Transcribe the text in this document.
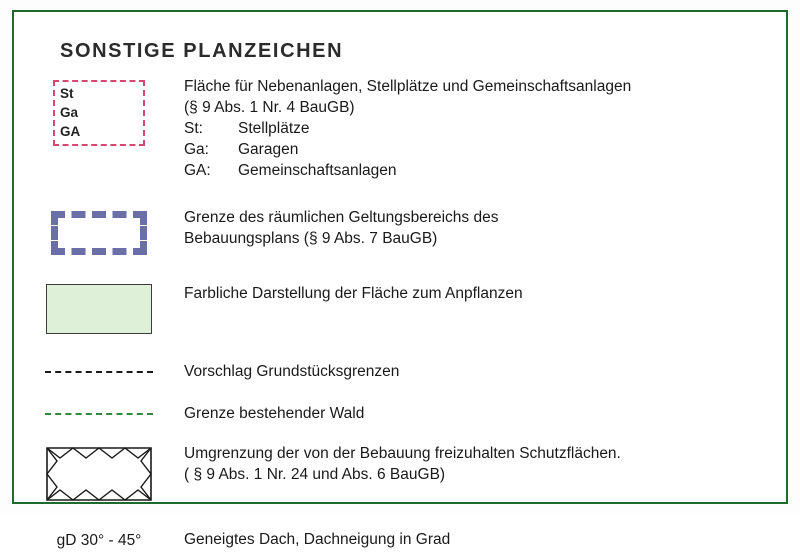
SONSTIGE PLANZEICHEN
St
Ga
GA
Fläche für Nebenanlagen, Stellplätze und Gemeinschaftsanlagen
(§ 9 Abs. 1 Nr. 4 BauGB)
St: Stellplätze
Ga: Garagen
GA: Gemeinschaftsanlagen
Grenze des räumlichen Geltungsbereichs des
Bebauungsplans (§ 9 Abs. 7 BauGB)
Farbliche Darstellung der Fläche zum Anpflanzen
Vorschlag Grundstücksgrenzen
Grenze bestehender Wald
Umgrenzung der von der Bebauung freizuhalten Schutzflächen.
( § 9 Abs. 1 Nr. 24 und Abs. 6 BauGB)
gD 30° - 45°	Geneigtes Dach, Dachneigung in Grad
